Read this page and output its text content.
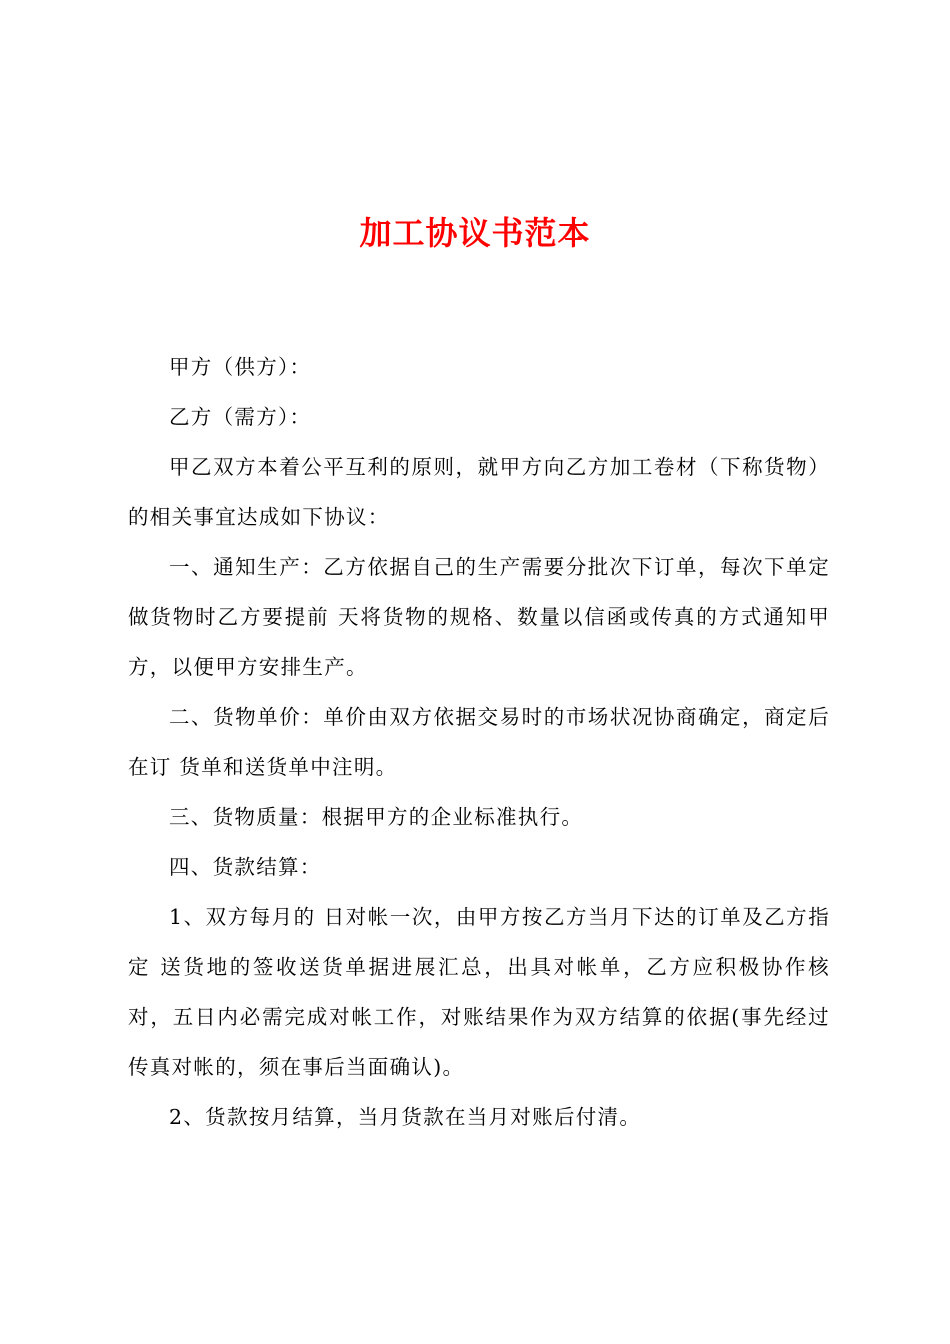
加工协议书范本

甲方（供方）：

乙方（需方）：

甲乙双方本着公平互利的原则，就甲方向乙方加工卷材（下称货物）的相关事宜达成如下协议：

一、通知生产：乙方依据自己的生产需要分批次下订单，每次下单定做货物时乙方要提前 天将货物的规格、数量以信函或传真的方式通知甲方，以便甲方安排生产。

二、货物单价：单价由双方依据交易时的市场状况协商确定，商定后在订 货单和送货单中注明。

三、货物质量：根据甲方的企业标准执行。

四、货款结算：

1、双方每月的 日对帐一次，由甲方按乙方当月下达的订单及乙方指定 送货地的签收送货单据进展汇总，出具对帐单，乙方应积极协作核对，五日内必需完成对帐工作，对账结果作为双方结算的依据(事先经过传真对帐的，须在事后当面确认)。

2、货款按月结算，当月货款在当月对账后付清。
